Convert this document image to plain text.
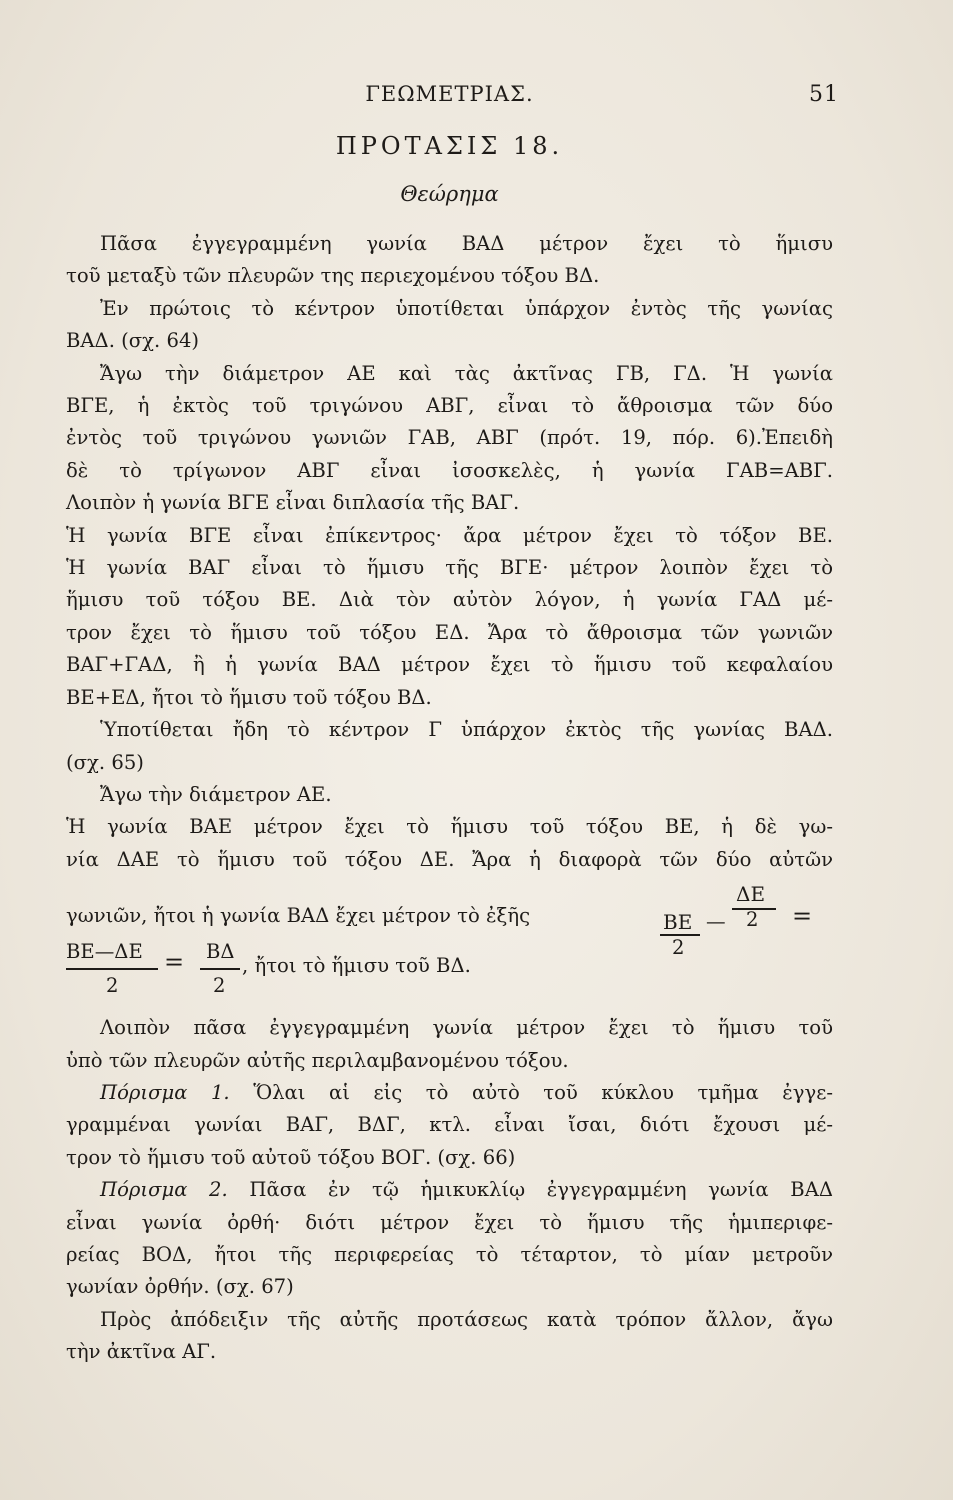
ΓΕΩΜΕΤΡΙΑΣ.	51
ΠΡΟΤΑΣΙΣ 18.
Θεώρημα
Πᾶσα ἐγγεγραμμένη γωνία ΒΑΔ μέτρον ἔχει τὸ ἥμισυ
τοῦ μεταξὺ τῶν πλευρῶν της περιεχομένου τόξου ΒΔ.
Ἐν πρώτοις τὸ κέντρον ὑποτίθεται ὑπάρχον ἐντὸς τῆς γωνίας
ΒΑΔ. (σχ. 64)
Ἄγω τὴν διάμετρον ΑΕ καὶ τὰς ἀκτῖνας ΓΒ, ΓΔ. Ἡ γωνία
ΒΓΕ, ἡ ἐκτὸς τοῦ τριγώνου ΑΒΓ, εἶναι τὸ ἄθροισμα τῶν δύο
ἐντὸς τοῦ τριγώνου γωνιῶν ΓΑΒ, ΑΒΓ (πρότ. 19, πόρ. 6).Ἐπειδὴ
δὲ τὸ τρίγωνον ΑΒΓ εἶναι ἰσοσκελὲς, ἡ γωνία ΓΑΒ=ΑΒΓ.
Λοιπὸν ἡ γωνία ΒΓΕ εἶναι διπλασία τῆς ΒΑΓ.
Ἡ γωνία ΒΓΕ εἶναι ἐπίκεντρος· ἄρα μέτρον ἔχει τὸ τόξον ΒΕ.
Ἡ γωνία ΒΑΓ εἶναι τὸ ἥμισυ τῆς ΒΓΕ· μέτρον λοιπὸν ἔχει τὸ
ἥμισυ τοῦ τόξου ΒΕ. Διὰ τὸν αὐτὸν λόγον, ἡ γωνία ΓΑΔ μέ-
τρον ἔχει τὸ ἥμισυ τοῦ τόξου ΕΔ. Ἄρα τὸ ἄθροισμα τῶν γωνιῶν
ΒΑΓ+ΓΑΔ, ἢ ἡ γωνία ΒΑΔ μέτρον ἔχει τὸ ἥμισυ τοῦ κεφαλαίου
ΒΕ+ΕΔ, ἤτοι τὸ ἥμισυ τοῦ τόξου ΒΔ.
Ὑποτίθεται ἤδη τὸ κέντρον Γ ὑπάρχον ἐκτὸς τῆς γωνίας ΒΑΔ.
(σχ. 65)
Ἄγω τὴν διάμετρον ΑΕ.
Ἡ γωνία ΒΑΕ μέτρον ἔχει τὸ ἥμισυ τοῦ τόξου ΒΕ, ἡ δὲ γω-
νία ΔΑΕ τὸ ἥμισυ τοῦ τόξου ΔΕ. Ἄρα ἡ διαφορὰ τῶν δύο αὐτῶν
γωνιῶν, ἤτοι ἡ γωνία ΒΑΔ ἔχει μέτρον τὸ ἐξῆς	ΒΕ
2
—
ΔΕ
2 =
ΒΕ—ΔΕ
2
= ΒΔ
2
, ἤτοι τὸ ἥμισυ τοῦ ΒΔ.
Λοιπὸν πᾶσα ἐγγεγραμμένη γωνία μέτρον ἔχει τὸ ἥμισυ τοῦ
ὑπὸ τῶν πλευρῶν αὐτῆς περιλαμβανομένου τόξου.
Πόρισμα 1. Ὅλαι αἱ εἰς τὸ αὐτὸ τοῦ κύκλου τμῆμα ἐγγε-
γραμμέναι γωνίαι ΒΑΓ, ΒΔΓ, κτλ. εἶναι ἴσαι, διότι ἔχουσι μέ-
τρον τὸ ἥμισυ τοῦ αὐτοῦ τόξου ΒΟΓ. (σχ. 66)
Πόρισμα 2. Πᾶσα ἐν τῷ ἡμικυκλίῳ ἐγγεγραμμένη γωνία ΒΑΔ
εἶναι γωνία ὀρθή· διότι μέτρον ἔχει τὸ ἥμισυ τῆς ἡμιπεριφε-
ρείας ΒΟΔ, ἤτοι τῆς περιφερείας τὸ τέταρτον, τὸ μίαν μετροῦν
γωνίαν ὀρθήν. (σχ. 67)
Πρὸς ἀπόδειξιν τῆς αὐτῆς προτάσεως κατὰ τρόπον ἄλλον, ἄγω
τὴν ἀκτῖνα ΑΓ.
